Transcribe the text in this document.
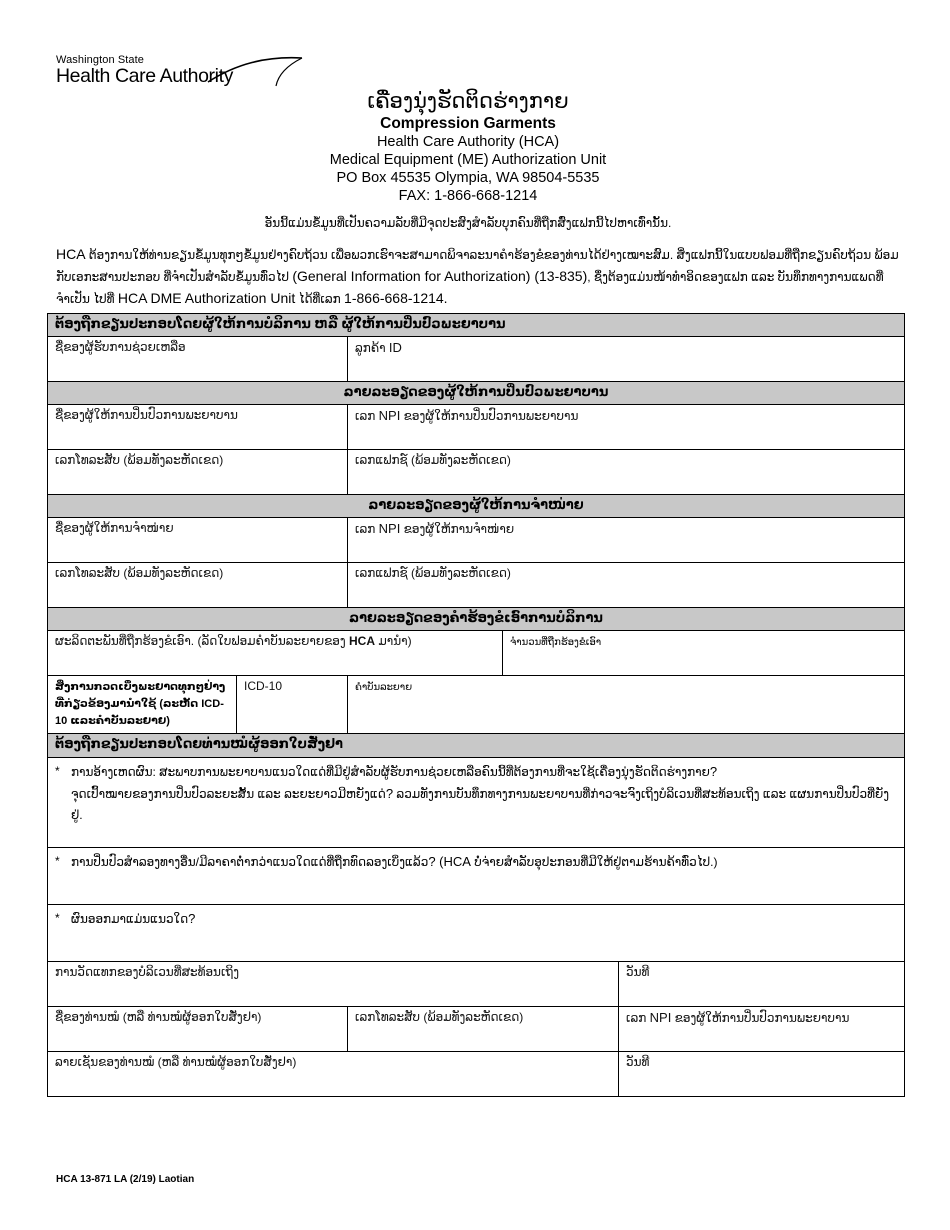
Washington State
Health Care Authority
ເຄື່ອງນຸ່ງຮັດຕິດຮ່າງກາຍ
Compression Garments
Health Care Authority (HCA)
Medical Equipment (ME) Authorization Unit
PO Box 45535 Olympia, WA 98504-5535
FAX: 1-866-668-1214
ອັນນີ້ແມ່ນຂໍ້ມູນທີ່ເປັນຄວາມລັບທີ່ມີຈຸດປະສົງສຳລັບບຸກຄົນທີ່ຖືກສົ່ງແຟກນີ້ໄປຫາເທົ່ານັ້ນ.
HCA ຕ້ອງການໃຫ້ທ່ານຂຽນຂໍ້ມູນທຸກໆຂໍ້ມູນຢ່າງຄົບຖ້ວນ ເພື່ອພວກເຮົາຈະສາມາດພິຈາລະນາຄຳຮ້ອງຂໍຂອງທ່ານໄດ້ຢ່າງເໝາະສົມ. ສິ່ງແຟກນີ້ໃນແບບຟອມທີ່ຖືກຂຽນຄົບຖ້ວນ ພ້ອມກັບເອກະສານປະກອບ ທີ່ຈຳເປັນສຳລັບຂໍ້ມູນທົ່ວໄປ (General Information for Authorization) (13-835), ຊຶ່ງຕ້ອງແມ່ນໜ້າທຳອິດຂອງແຟກ ແລະ ບັນທຶກທາງການແພດທີ່ຈຳເປັນ ໄປທີ່ HCA DME Authorization Unit ໄດ້ທີ່ເລກ 1-866-668-1214.
ຕ້ອງຖືກຂຽນປະກອບໂດຍຜູ້ໃຫ້ການບໍລິການ ຫລື ຜູ້ໃຫ້ການປິ່ນປົວພະຍາບານ				
ຊື່ຂອງຜູ້ຮັບການຊ່ວຍເຫລືອ		ລູກຄ້າ ID		
ລາຍລະອຽດຂອງຜູ້ໃຫ້ການປິ່ນປົວພະຍາບານ				
ຊື່ຂອງຜູ້ໃຫ້ການປິ່ນປົວການພະຍາບານ		ເລກ NPI ຂອງຜູ້ໃຫ້ການປິ່ນປົວການພະຍາບານ		
ເລກໂທລະສັບ (ພ້ອມທັງລະຫັດເຂດ)		ເລກແຟກຊ໌ (ພ້ອມທັງລະຫັດເຂດ)		
ລາຍລະອຽດຂອງຜູ້ໃຫ້ການຈຳໜ່າຍ				
ຊື່ຂອງຜູ້ໃຫ້ການຈຳໜ່າຍ		ເລກ NPI ຂອງຜູ້ໃຫ້ການຈຳໜ່າຍ		
ເລກໂທລະສັບ (ພ້ອມທັງລະຫັດເຂດ)		ເລກແຟກຊ໌ (ພ້ອມທັງລະຫັດເຂດ)		
ລາຍລະອຽດຂອງຄຳຮ້ອງຂໍເອົາການບໍລິການ				
ຜະລິດຕະພັນທີ່ຖືກຮ້ອງຂໍເອົາ. (ລັດໃບຟອມຄຳບັນລະຍາຍຂອງ HCA ມານຳ)			ຈຳນວນທີ່ຖືກຮ້ອງຂໍເອົາ	
ສິ່ງການກວດເບິ່ງພະຍາດທຸກໆຢ່າງ ທີ່ກ່ຽວຂ້ອງມານຳໃຊ້ (ລະຫັດ ICD-10 ແລະຄຳບັນລະຍາຍ)	ICD-10	ຄຳບັນລະຍາຍ		
ຕ້ອງຖືກຂຽນປະກອບໂດຍທ່ານໝໍຜູ້ອອກໃບສັ່ງຢາ				

* ການອ້າງເຫດຜົນ: ສະພາບການພະຍາບານແນວໃດແດ່ທີ່ມີຢູ່ສຳລັບຜູ້ຮັບການຊ່ວຍເຫລືອຄົນນີ້ທີ່ຕ້ອງການທີ່ຈະໃຊ້ເຄື່ອງນຸ່ງຮັດຕິດຮ່າງກາຍ?
ຈຸດເປົ້າໝາຍຂອງການປິ່ນປົວລະຍະສັ້ນ ແລະ ລະຍະຍາວມີຫຍັງແດ່? ລວມທັງການບັນທຶກທາງການພະຍາບານທີ່ກ່າວຈະຈົງເຖິງບໍລິເວນທີ່ສະທ້ອນເຖິງ ແລະ ແຜນການປິ່ນປົວທີ່ຍັງຢູ່.				

* ການປິ່ນປົວສຳລອງທາງອື່ນ/ມີລາຄາຕ່ຳກວ່າແນວໃດແດ່ທີ່ຖືກທົດລອງເບິ່ງແລ້ວ? (HCA ບໍ່ຈ່າຍສຳລັບອຸປະກອນທີ່ມີໃຫ້ຢູ່ຕາມຮ້ານຄ້າທົ່ວໄປ.)				

* ຜົນອອກມາແມ່ນແນວໃດ?				

ການວັດແທກຂອງບໍລິເວນທີ່ສະທ້ອນເຖິງ				ວັນທີ
ຊື່ຂອງທ່ານໝໍ (ຫລື ທ່ານໝໍຜູ້ອອກໃບສັ່ງຢາ)		ເລກໂທລະສັບ (ພ້ອມທັງລະຫັດເຂດ)		ເລກ NPI ຂອງຜູ້ໃຫ້ການປິ່ນປົວການພະຍາບານ
ລາຍເຊັນຂອງທ່ານໝໍ (ຫລື ທ່ານໝໍຜູ້ອອກໃບສັ່ງຢາ)				ວັນທີ
HCA 13-871 LA (2/19) Laotian
